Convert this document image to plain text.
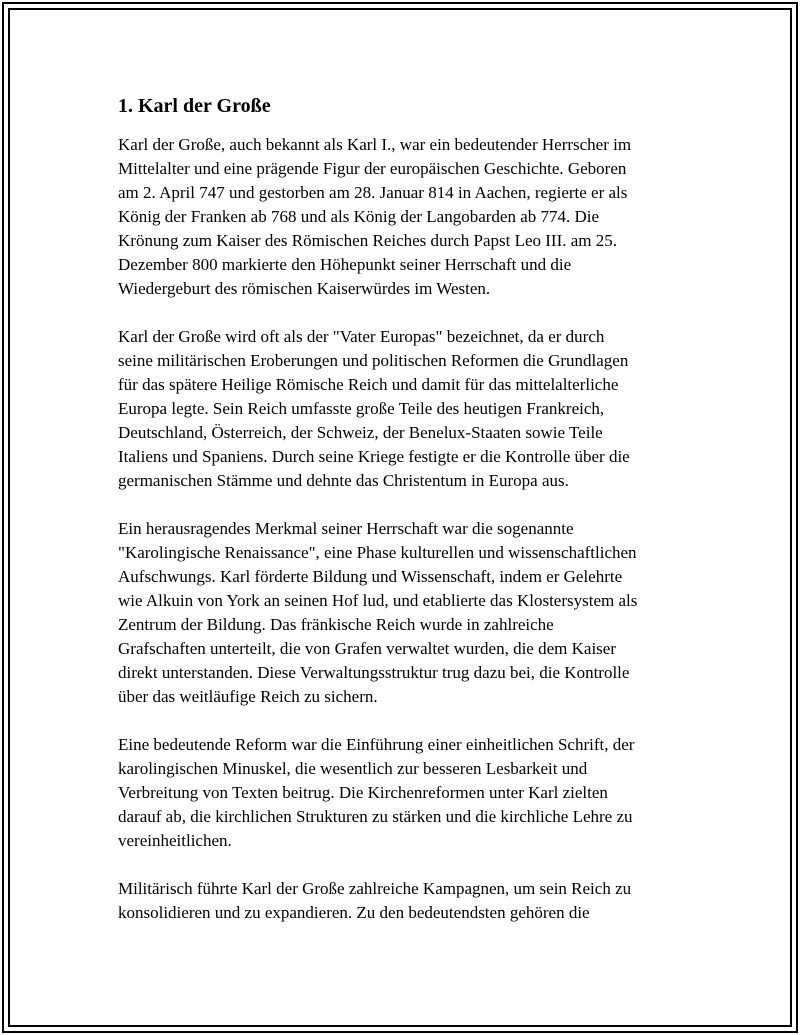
1. Karl der Große

Karl der Große, auch bekannt als Karl I., war ein bedeutender Herrscher im
Mittelalter und eine prägende Figur der europäischen Geschichte. Geboren
am 2. April 747 und gestorben am 28. Januar 814 in Aachen, regierte er als
König der Franken ab 768 und als König der Langobarden ab 774. Die
Krönung zum Kaiser des Römischen Reiches durch Papst Leo III. am 25.
Dezember 800 markierte den Höhepunkt seiner Herrschaft und die
Wiedergeburt des römischen Kaiserwürdes im Westen.

Karl der Große wird oft als der "Vater Europas" bezeichnet, da er durch
seine militärischen Eroberungen und politischen Reformen die Grundlagen
für das spätere Heilige Römische Reich und damit für das mittelalterliche
Europa legte. Sein Reich umfasste große Teile des heutigen Frankreich,
Deutschland, Österreich, der Schweiz, der Benelux-Staaten sowie Teile
Italiens und Spaniens. Durch seine Kriege festigte er die Kontrolle über die
germanischen Stämme und dehnte das Christentum in Europa aus.

Ein herausragendes Merkmal seiner Herrschaft war die sogenannte
"Karolingische Renaissance", eine Phase kulturellen und wissenschaftlichen
Aufschwungs. Karl förderte Bildung und Wissenschaft, indem er Gelehrte
wie Alkuin von York an seinen Hof lud, und etablierte das Klostersystem als
Zentrum der Bildung. Das fränkische Reich wurde in zahlreiche
Grafschaften unterteilt, die von Grafen verwaltet wurden, die dem Kaiser
direkt unterstanden. Diese Verwaltungsstruktur trug dazu bei, die Kontrolle
über das weitläufige Reich zu sichern.

Eine bedeutende Reform war die Einführung einer einheitlichen Schrift, der
karolingischen Minuskel, die wesentlich zur besseren Lesbarkeit und
Verbreitung von Texten beitrug. Die Kirchenreformen unter Karl zielten
darauf ab, die kirchlichen Strukturen zu stärken und die kirchliche Lehre zu
vereinheitlichen.

Militärisch führte Karl der Große zahlreiche Kampagnen, um sein Reich zu
konsolidieren und zu expandieren. Zu den bedeutendsten gehören die
